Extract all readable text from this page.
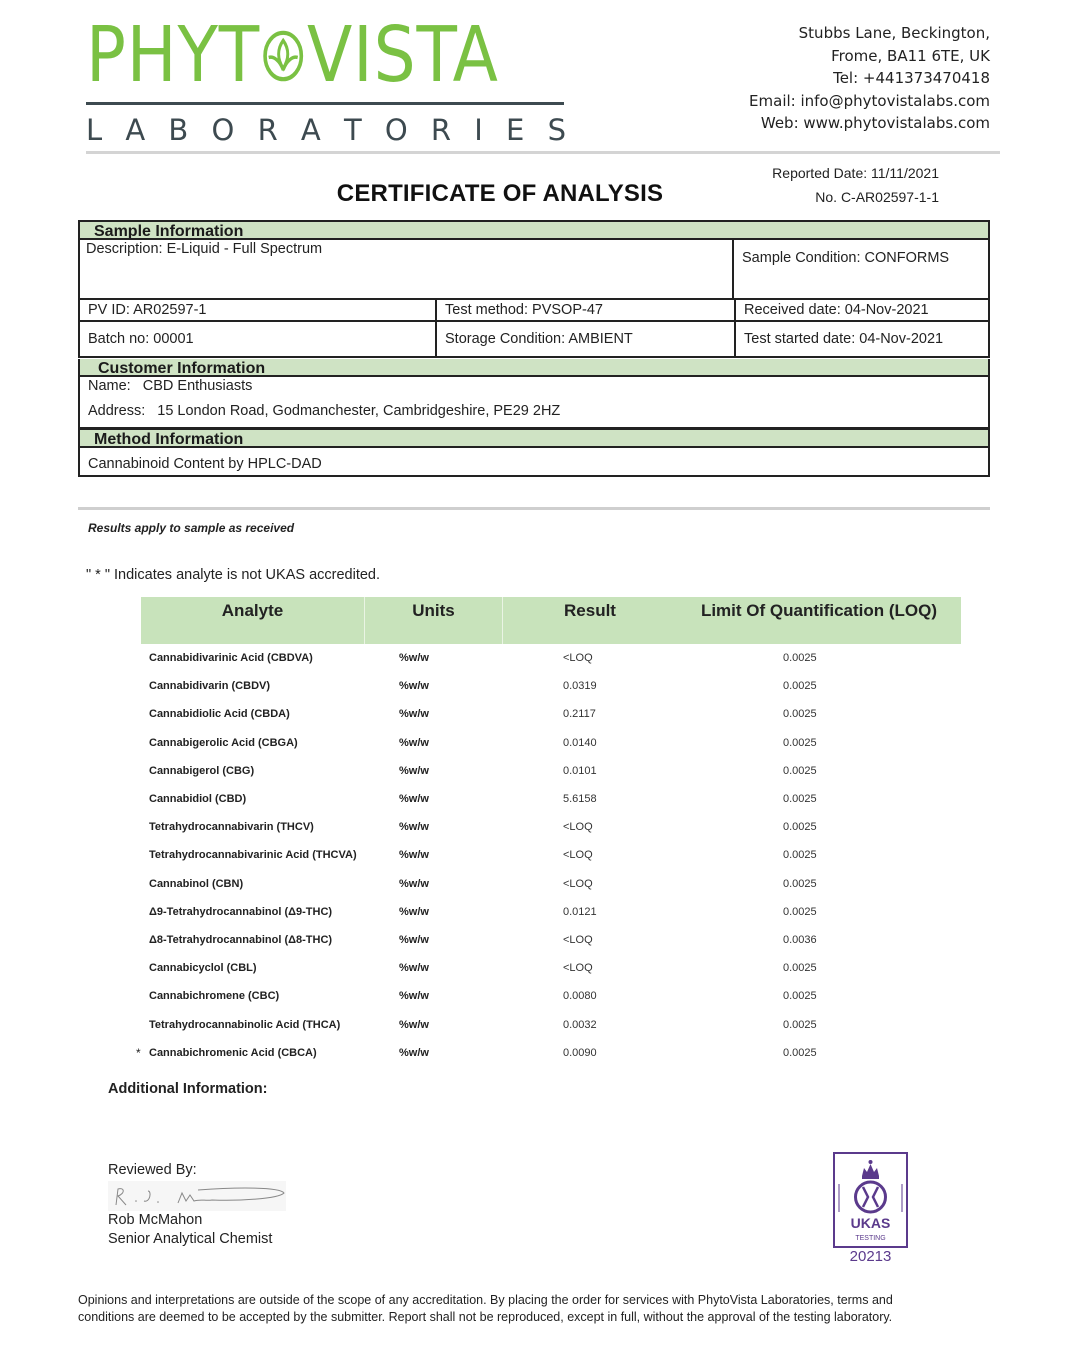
PHYT VISTA
L A B O R A T O R I E S
Stubbs Lane, Beckington,
Frome, BA11 6TE, UK
Tel: +441373470418
Email: info@phytovistalabs.com
Web: www.phytovistalabs.com
Reported Date: 11/11/2021
No. C-AR02597-1-1
CERTIFICATE OF ANALYSIS
Sample Information
Description: E-Liquid - Full Spectrum
Sample Condition: CONFORMS
PV ID: AR02597-1	Test method: PVSOP-47	Received date: 04-Nov-2021
Batch no: 00001	Storage Condition: AMBIENT	Test started date: 04-Nov-2021
Customer Information
Name: CBD Enthusiasts
Address: 15 London Road, Godmanchester, Cambridgeshire, PE29 2HZ
Method Information
Cannabinoid Content by HPLC-DAD
Results apply to sample as received
" * " Indicates analyte is not UKAS accredited.
Analyte	Units	Result	Limit Of Quantification (LOQ)
Cannabidivarinic Acid (CBDVA)	%w/w	<LOQ	0.0025
Cannabidivarin (CBDV)	%w/w	0.0319	0.0025
Cannabidiolic Acid (CBDA)	%w/w	0.2117	0.0025
Cannabigerolic Acid (CBGA)	%w/w	0.0140	0.0025
Cannabigerol (CBG)	%w/w	0.0101	0.0025
Cannabidiol (CBD)	%w/w	5.6158	0.0025
Tetrahydrocannabivarin (THCV)	%w/w	<LOQ	0.0025
Tetrahydrocannabivarinic Acid (THCVA)	%w/w	<LOQ	0.0025
Cannabinol (CBN)	%w/w	<LOQ	0.0025
Δ9-Tetrahydrocannabinol (Δ9-THC)	%w/w	0.0121	0.0025
Δ8-Tetrahydrocannabinol (Δ8-THC)	%w/w	<LOQ	0.0036
Cannabicyclol (CBL)	%w/w	<LOQ	0.0025
Cannabichromene (CBC)	%w/w	0.0080	0.0025
Tetrahydrocannabinolic Acid (THCA)	%w/w	0.0032	0.0025
* Cannabichromenic Acid (CBCA)	%w/w	0.0090	0.0025
Additional Information:
Reviewed By:
Rob McMahon
Senior Analytical Chemist
UKAS
TESTING
20213
Opinions and interpretations are outside of the scope of any accreditation. By placing the order for services with PhytoVista Laboratories, terms and conditions are deemed to be accepted by the submitter. Report shall not be reproduced, except in full, without the approval of the testing laboratory.
